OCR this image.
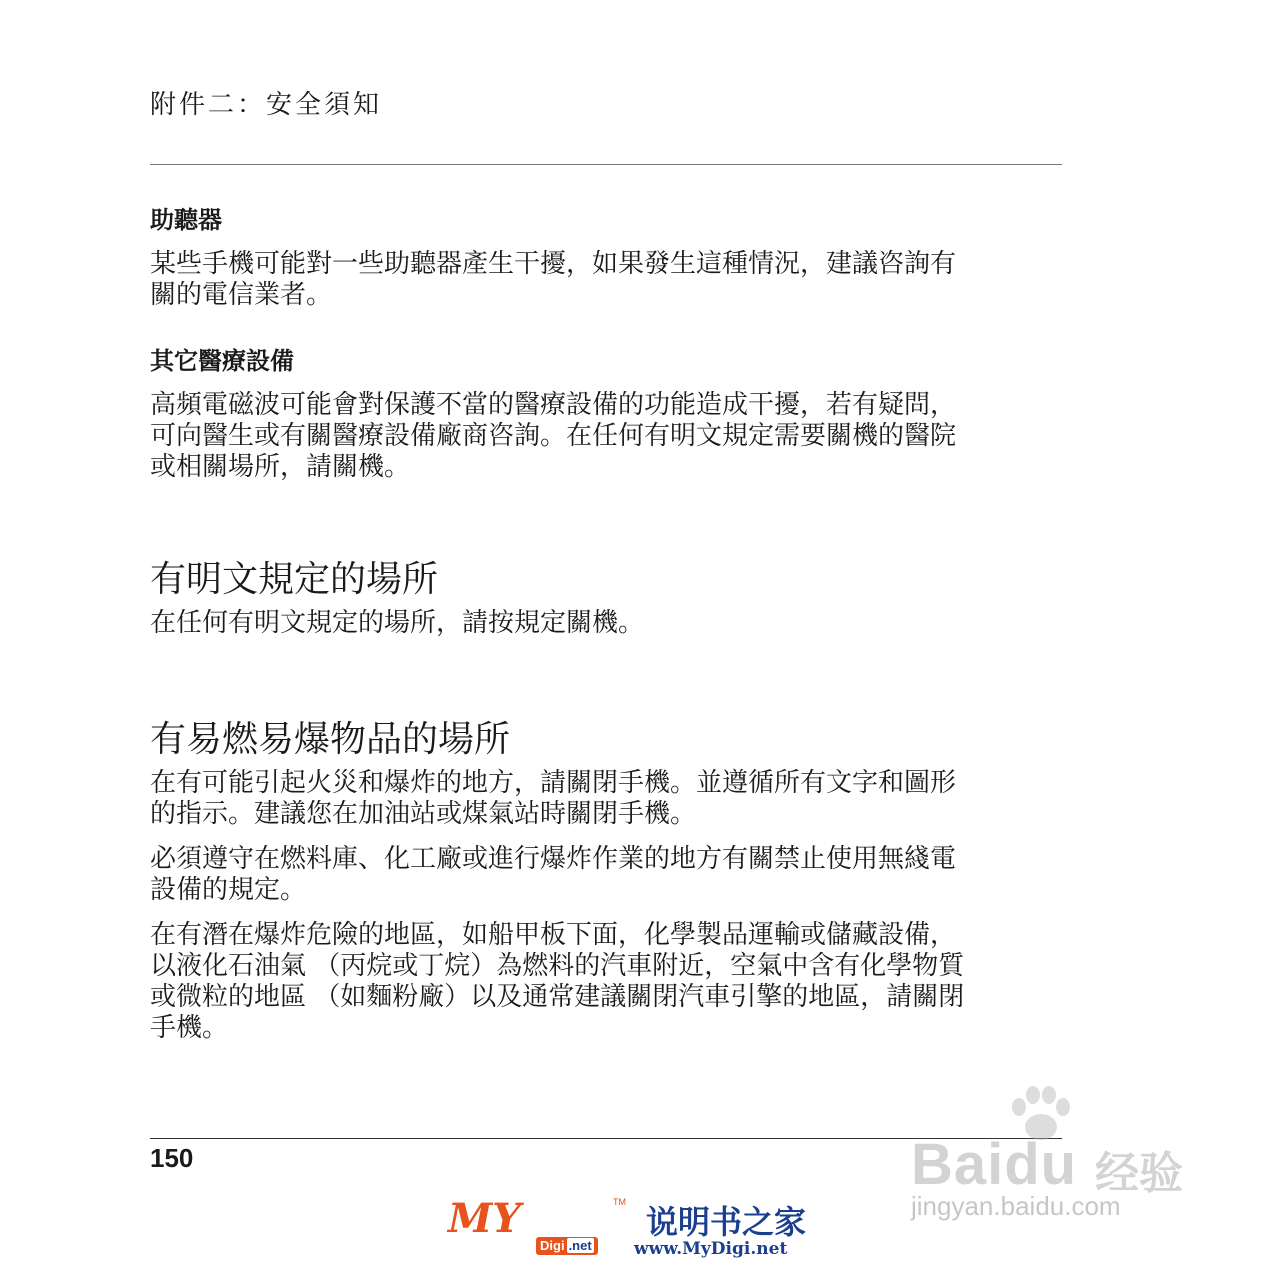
附件二：安全須知
助聽器

某些手機可能對一些助聽器產生干擾，如果發生這種情況，建議咨詢有

關的電信業者。

其它醫療設備

高頻電磁波可能會對保護不當的醫療設備的功能造成干擾，若有疑問，

可向醫生或有關醫療設備廠商咨詢。在任何有明文規定需要關機的醫院

或相關場所，請關機。

有明文規定的場所

在任何有明文規定的場所，請按規定關機。

有易燃易爆物品的場所

在有可能引起火災和爆炸的地方，請關閉手機。並遵循所有文字和圖形

的指示。建議您在加油站或煤氣站時關閉手機。

必須遵守在燃料庫、化工廠或進行爆炸作業的地方有關禁止使用無綫電

設備的規定。

在有潛在爆炸危險的地區，如船甲板下面，化學製品運輸或儲藏設備，

以液化石油氣 （丙烷或丁烷）為燃料的汽車附近，空氣中含有化學物質

或微粒的地區 （如麵粉廠）以及通常建議關閉汽車引擎的地區，請關閉

手機。

150	Baidu 经验
jingyan.baidu.com
MY	TM
Digi .net
说明书之家
www.MyDigi.net
